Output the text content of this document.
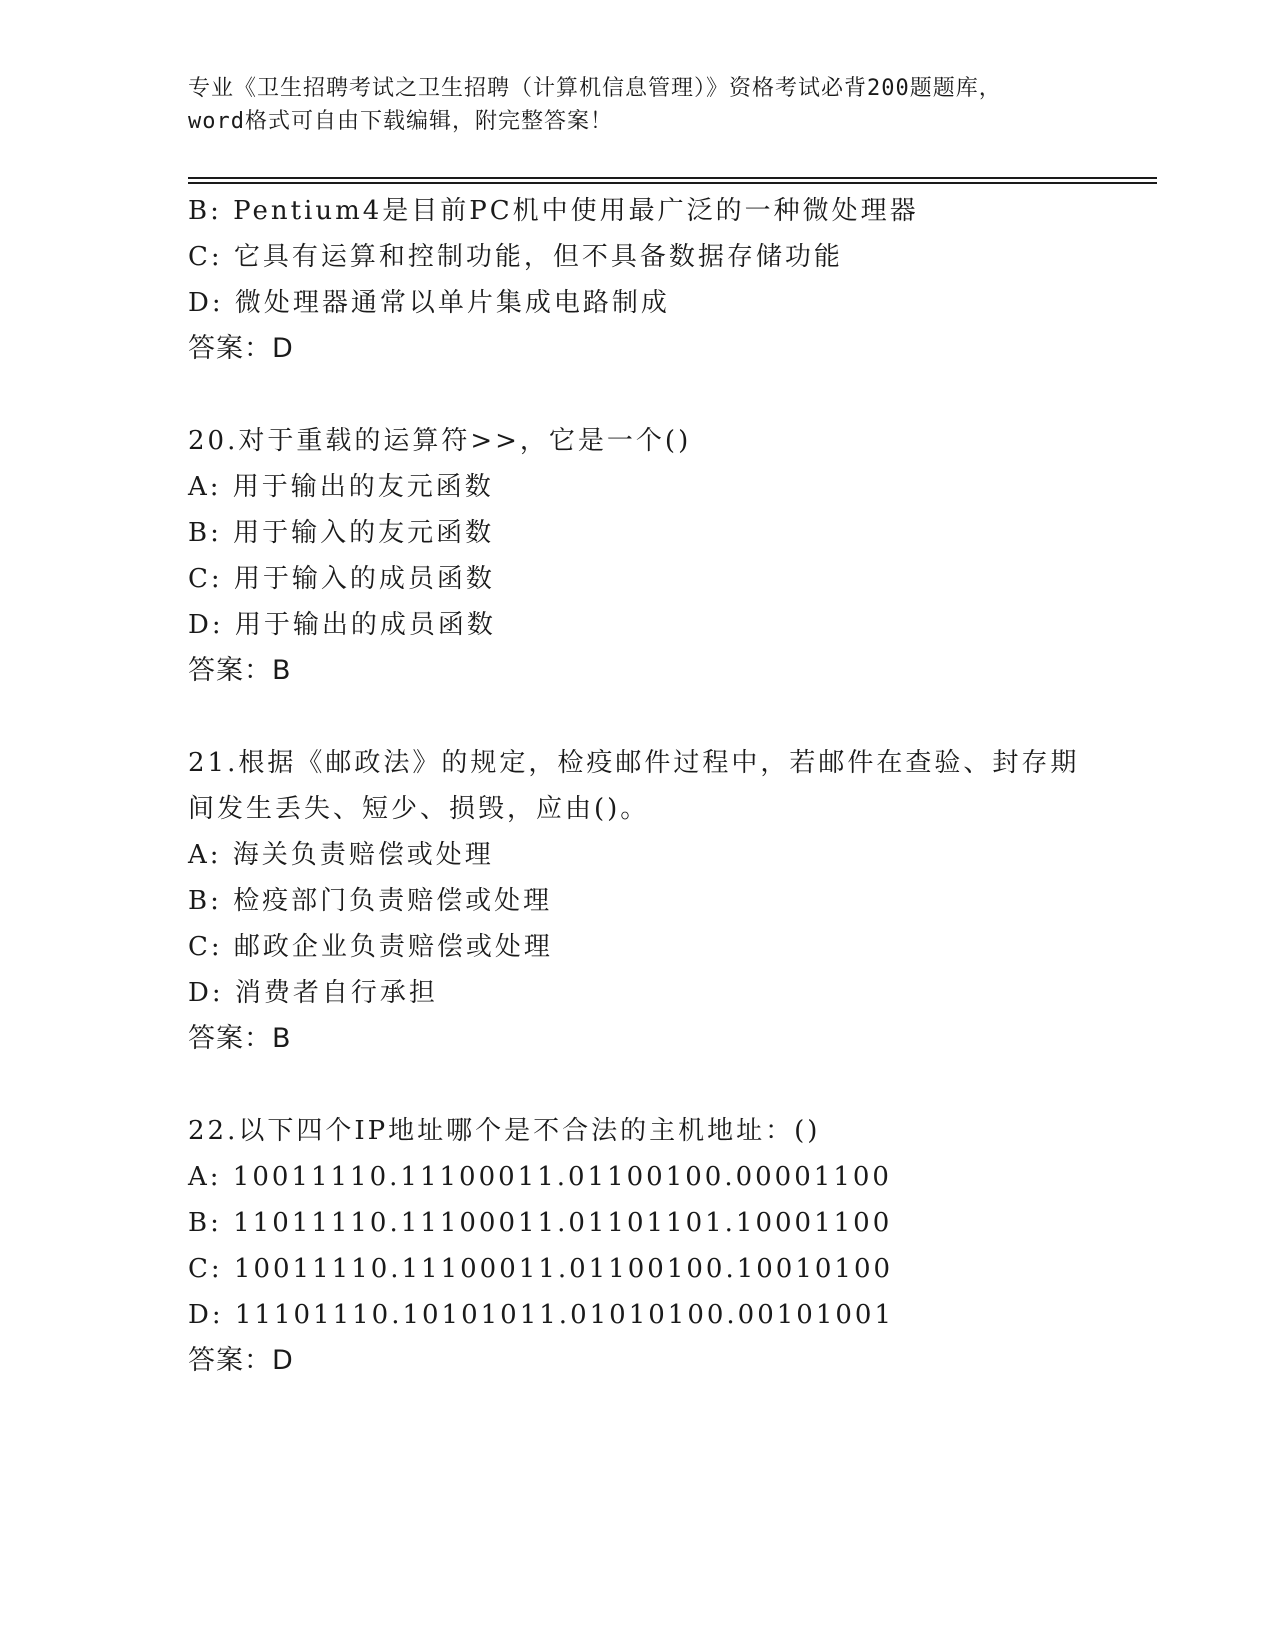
专业《卫生招聘考试之卫生招聘（计算机信息管理）》资格考试必背200题题库，
word格式可自由下载编辑，附完整答案！
B: Pentium4是目前PC机中使用最广泛的一种微处理器
C: 它具有运算和控制功能，但不具备数据存储功能
D: 微处理器通常以单片集成电路制成
答案：D
20.对于重载的运算符>>，它是一个()
A: 用于输出的友元函数
B: 用于输入的友元函数
C: 用于输入的成员函数
D: 用于输出的成员函数
答案：B
21.根据《邮政法》的规定，检疫邮件过程中，若邮件在查验、封存期
间发生丢失、短少、损毁，应由()。
A: 海关负责赔偿或处理
B: 检疫部门负责赔偿或处理
C: 邮政企业负责赔偿或处理
D: 消费者自行承担
答案：B
22.以下四个IP地址哪个是不合法的主机地址：()
A: 10011110.11100011.01100100.00001100
B: 11011110.11100011.01101101.10001100
C: 10011110.11100011.01100100.10010100
D: 11101110.10101011.01010100.00101001
答案：D
